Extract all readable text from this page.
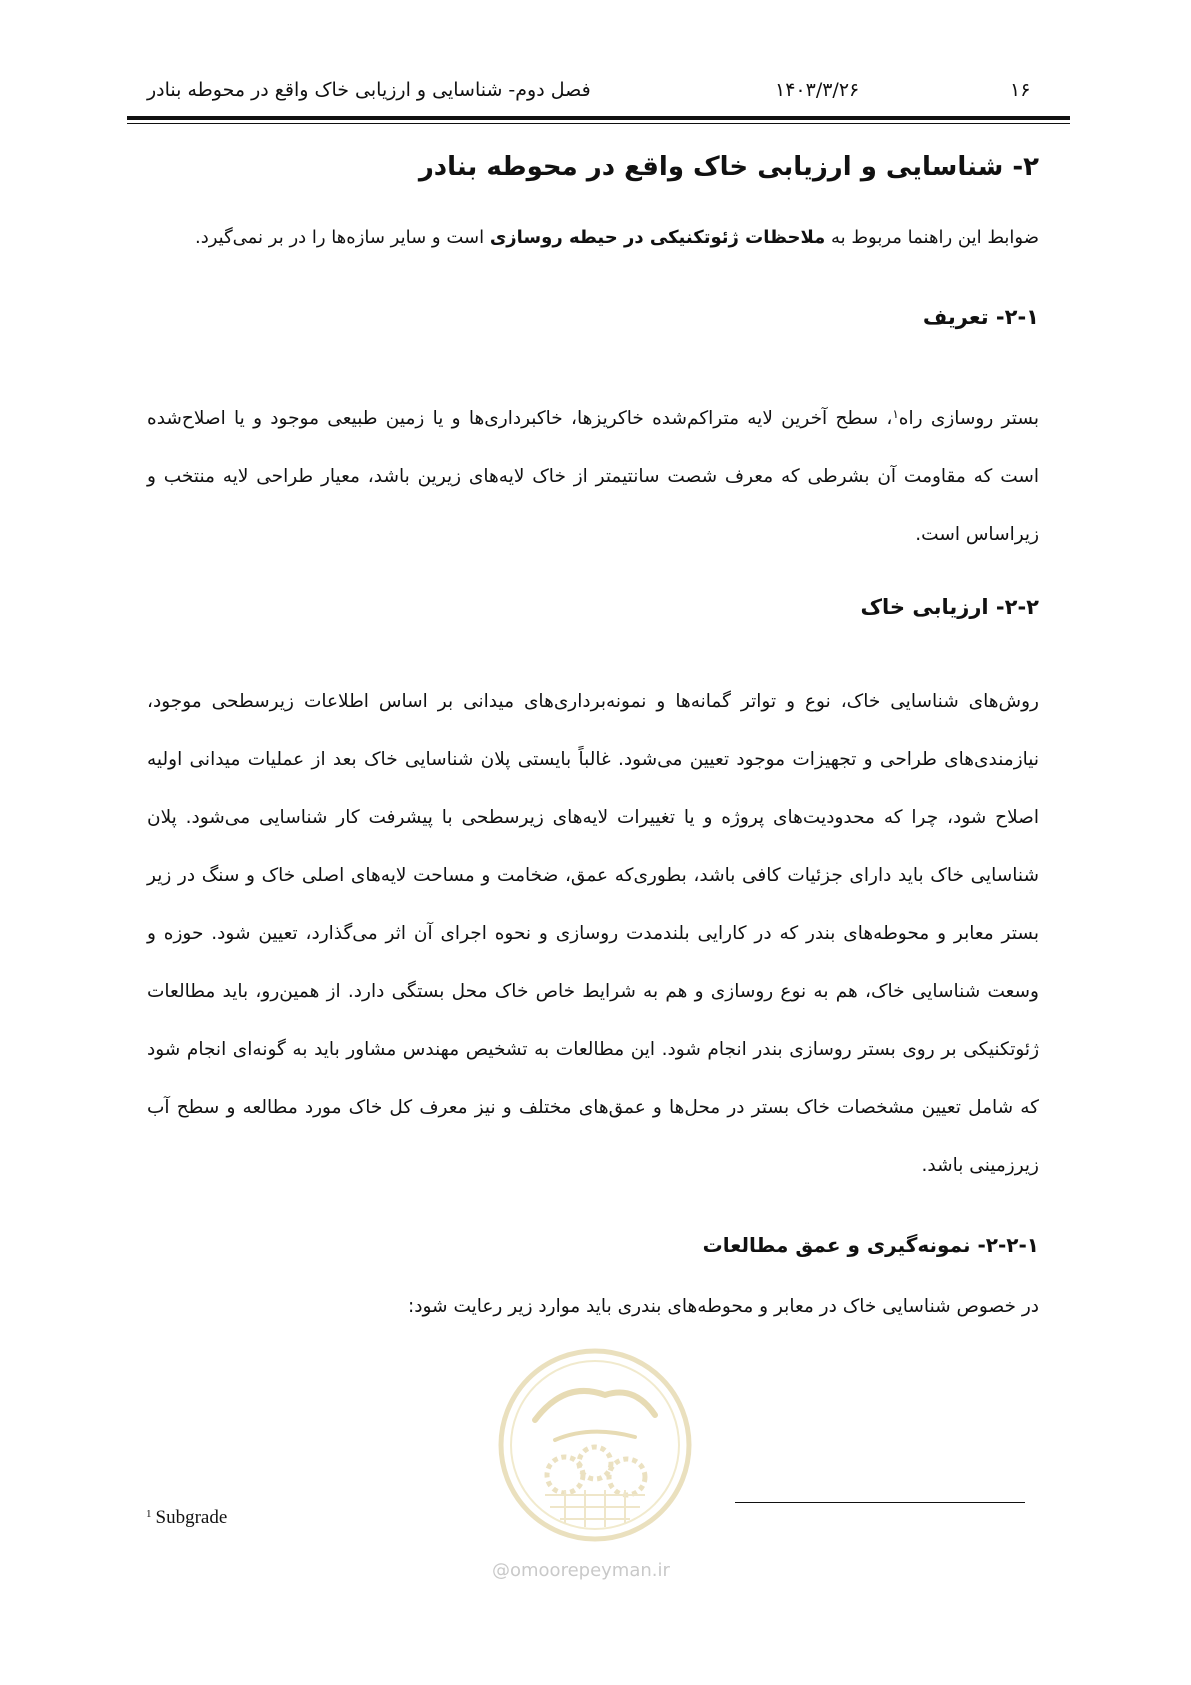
۱۶
۱۴۰۳/۳/۲۶
فصل دوم- شناسایی و ارزیابی خاک واقع در محوطه بنادر
۲- شناسایی و ارزیابی خاک واقع در محوطه بنادر
ضوابط این راهنما مربوط به ملاحظات ژئوتکنیکی در حیطه روسازی است و سایر سازه‌ها را در بر نمی‌گیرد.
۲-۱- تعریف
بستر روسازی راه$^۱$، سطح آخرین لایه متراکم‌شده خاکریزها، خاکبرداری‌ها و یا زمین طبیعی موجود و یا اصلاح‌شده است که مقاومت آن بشرطی که معرف شصت سانتیمتر از خاک لایه‌های زیرین باشد، معیار طراحی لایه منتخب و زیراساس است.
۲-۲- ارزیابی خاک
روش‌های شناسایی خاک، نوع و تواتر گمانه‌ها و نمونه‌برداری‌های میدانی بر اساس اطلاعات زیرسطحی موجود، نیازمندی‌های طراحی و تجهیزات موجود تعیین می‌شود. غالباً بایستی پلان شناسایی خاک بعد از عملیات میدانی اولیه اصلاح شود، چرا که محدودیت‌های پروژه و یا تغییرات لایه‌های زیرسطحی با پیشرفت کار شناسایی می‌شود. پلان شناسایی خاک باید دارای جزئیات کافی باشد، بطوری‌که عمق، ضخامت و مساحت لایه‌های اصلی خاک و سنگ در زیر بستر معابر و محوطه‌های بندر که در کارایی بلندمدت روسازی و نحوه اجرای آن اثر می‌گذارد، تعیین شود. حوزه و وسعت شناسایی خاک، هم به نوع روسازی و هم به شرایط خاص خاک محل بستگی دارد. از همین‌رو، باید مطالعات ژئوتکنیکی بر روی بستر روسازی بندر انجام شود. این مطالعات به تشخیص مهندس مشاور باید به گونه‌ای انجام شود که شامل تعیین مشخصات خاک بستر در محل‌ها و عمق‌های مختلف و نیز معرف کل خاک مورد مطالعه و سطح آب زیرزمینی باشد.
۲-۲-۱- نمونه‌گیری و عمق مطالعات
در خصوص شناسایی خاک در معابر و محوطه‌های بندری باید موارد زیر رعایت شود:
@omoorepeyman.ir
$^1$ Subgrade
